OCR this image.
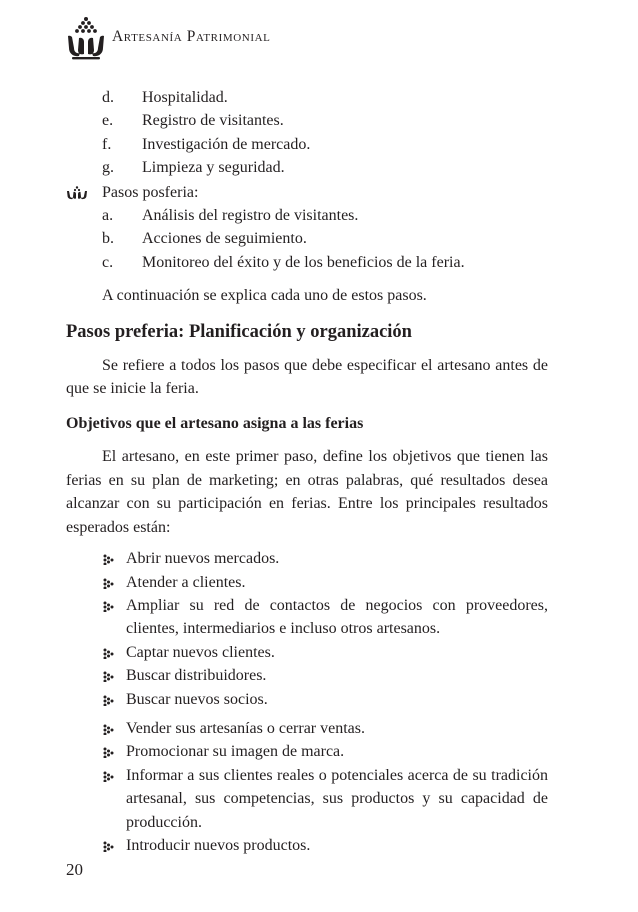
Artesanía Patrimonial
d. Hospitalidad.
e. Registro de visitantes.
f. Investigación de mercado.
g. Limpieza y seguridad.
Pasos posferia:
a. Análisis del registro de visitantes.
b. Acciones de seguimiento.
c. Monitoreo del éxito y de los beneficios de la feria.

A continuación se explica cada uno de estos pasos.

Pasos preferia: Planificación y organización

Se refiere a todos los pasos que debe especificar el artesano antes de que se inicie la feria.

Objetivos que el artesano asigna a las ferias

El artesano, en este primer paso, define los objetivos que tienen las ferias en su plan de marketing; en otras palabras, qué resultados desea alcanzar con su participación en ferias. Entre los principales resultados esperados están:

Abrir nuevos mercados.
Atender a clientes.
Ampliar su red de contactos de negocios con proveedores, clientes, intermediarios e incluso otros artesanos.
Captar nuevos clientes.
Buscar distribuidores.
Buscar nuevos socios.
Vender sus artesanías o cerrar ventas.
Promocionar su imagen de marca.
Informar a sus clientes reales o potenciales acerca de su tradición artesanal, sus competencias, sus productos y su capacidad de producción.
Introducir nuevos productos.
20
